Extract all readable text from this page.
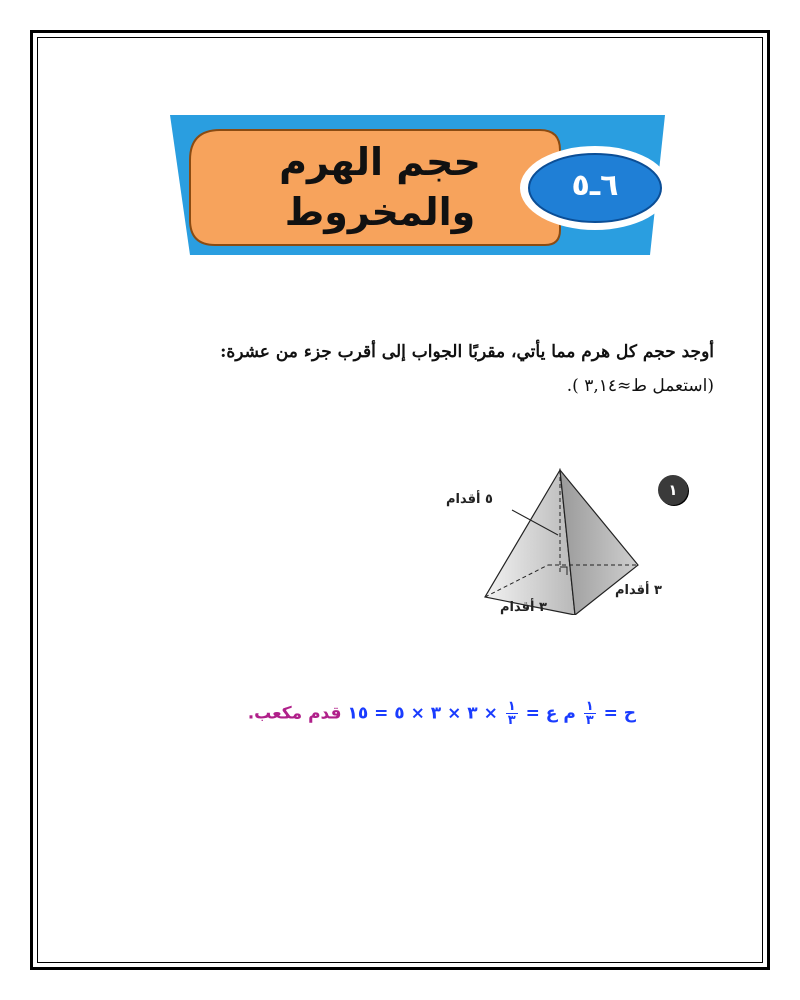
٦ـ٥
حجم الهرم
والمخروط
أوجد حجم كل هرم مما يأتي، مقربًا الجواب إلى أقرب جزء من عشرة:
(استعمل ط≈٣,١٤ ).
١
٥ أقدام
٣ أقدام
٣ أقدام
ح =
$\frac{١}{٣}$
م ع =
$\frac{١}{٣}$
× ٣ × ٣ × ٥ = ١٥ قدم مكعب.
